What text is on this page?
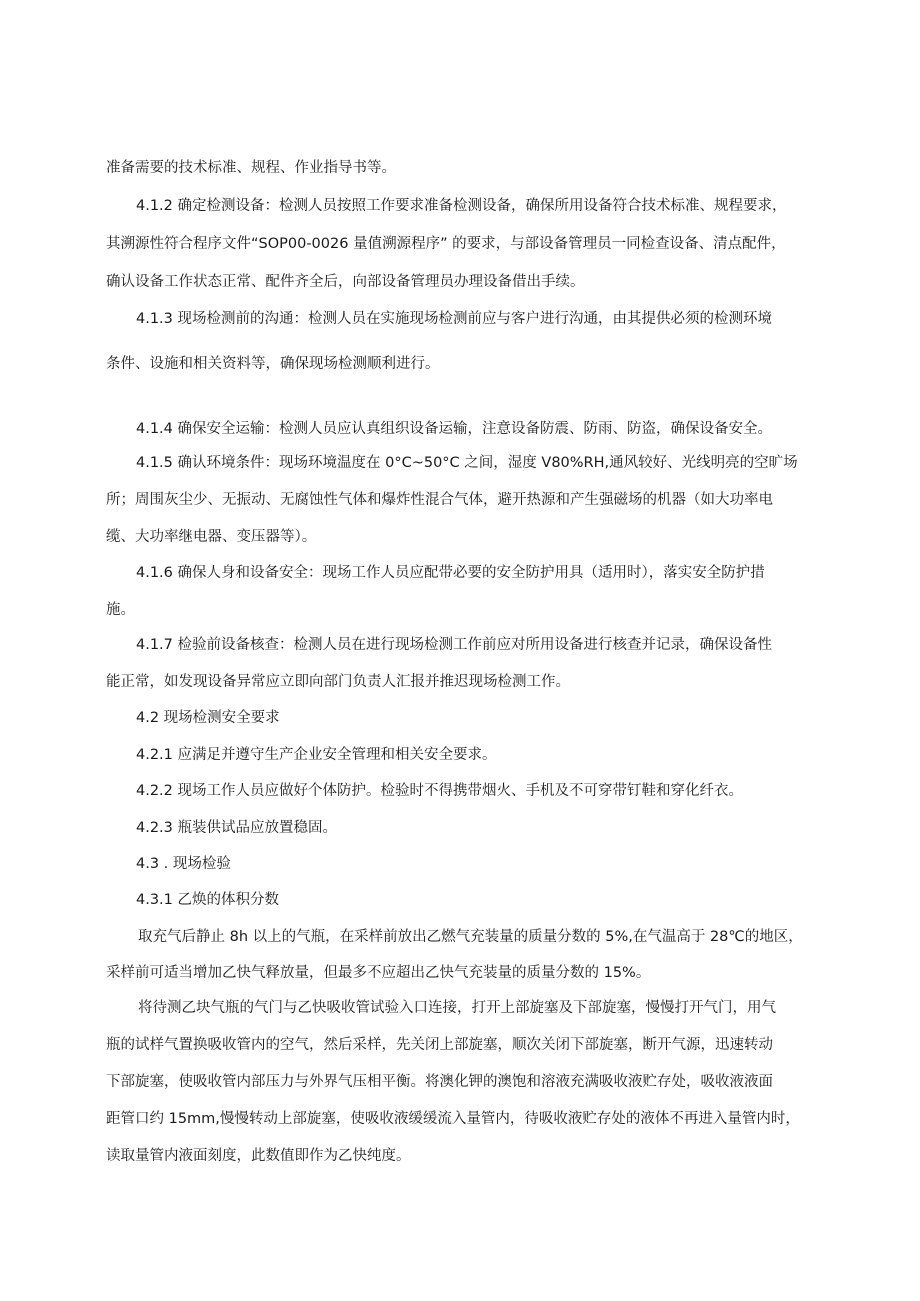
准备需要的技术标准、规程、作业指导书等。

4.1.2 确定检测设备：检测人员按照工作要求准备检测设备，确保所用设备符合技术标准、规程要求，
其溯源性符合程序文件“SOP00-0026 量值溯源程序” 的要求，与部设备管理员一同检查设备、清点配件，
确认设备工作状态正常、配件齐全后，向部设备管理员办理设备借出手续。

4.1.3 现场检测前的沟通：检测人员在实施现场检测前应与客户进行沟通，由其提供必须的检测环境
条件、设施和相关资料等，确保现场检测顺利进行。

4.1.4 确保安全运输：检测人员应认真组织设备运输，注意设备防震、防雨、防盗，确保设备安全。

4.1.5 确认环境条件：现场环境温度在 0°C~50°C 之间，湿度 V80%RH,通风较好、光线明亮的空旷场
所；周围灰尘少、无振动、无腐蚀性气体和爆炸性混合气体，避开热源和产生强磁场的机器（如大功率电
缆、大功率继电器、变压器等）。

4.1.6 确保人身和设备安全：现场工作人员应配带必要的安全防护用具（适用时），落实安全防护措
施。

4.1.7 检验前设备核查：检测人员在进行现场检测工作前应对所用设备进行核查并记录，确保设备性
能正常，如发现设备异常应立即向部门负责人汇报并推迟现场检测工作。

4.2 现场检测安全要求

4.2.1 应满足并遵守生产企业安全管理和相关安全要求。

4.2.2 现场工作人员应做好个体防护。检验时不得携带烟火、手机及不可穿带钉鞋和穿化纤衣。

4.2.3 瓶装供试品应放置稳固。

4.3 . 现场检验

4.3.1 乙焕的体积分数

取充气后静止 8h 以上的气瓶，在采样前放出乙燃气充装量的质量分数的 5%,在气温高于 28℃的地区，
采样前可适当增加乙快气释放量，但最多不应超出乙快气充装量的质量分数的 15%。

将待测乙块气瓶的气门与乙快吸收管试验入口连接，打开上部旋塞及下部旋塞，慢慢打开气门，用气
瓶的试样气置换吸收管内的空气，然后采样，先关闭上部旋塞，顺次关闭下部旋塞，断开气源，迅速转动
下部旋塞，使吸收管内部压力与外界气压相平衡。将澳化钾的澳饱和溶液充满吸收液贮存处，吸收液液面
距管口约 15mm,慢慢转动上部旋塞，使吸收液缓缓流入量管内，待吸收液贮存处的液体不再进入量管内时，
读取量管内液面刻度，此数值即作为乙快纯度。
